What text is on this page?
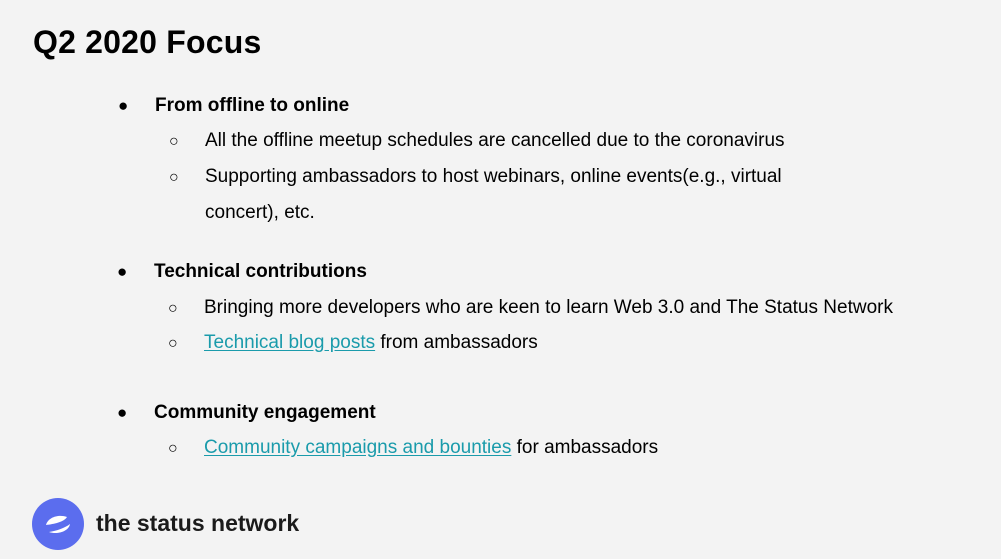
Q2 2020 Focus
● From offline to online
○ All the offline meetup schedules are cancelled due to the coronavirus
○ Supporting ambassadors to host webinars, online events(e.g., virtual
concert), etc.
● Technical contributions
○ Bringing more developers who are keen to learn Web 3.0 and The Status Network
○ Technical blog posts from ambassadors
● Community engagement
○ Community campaigns and bounties for ambassadors
the status network
